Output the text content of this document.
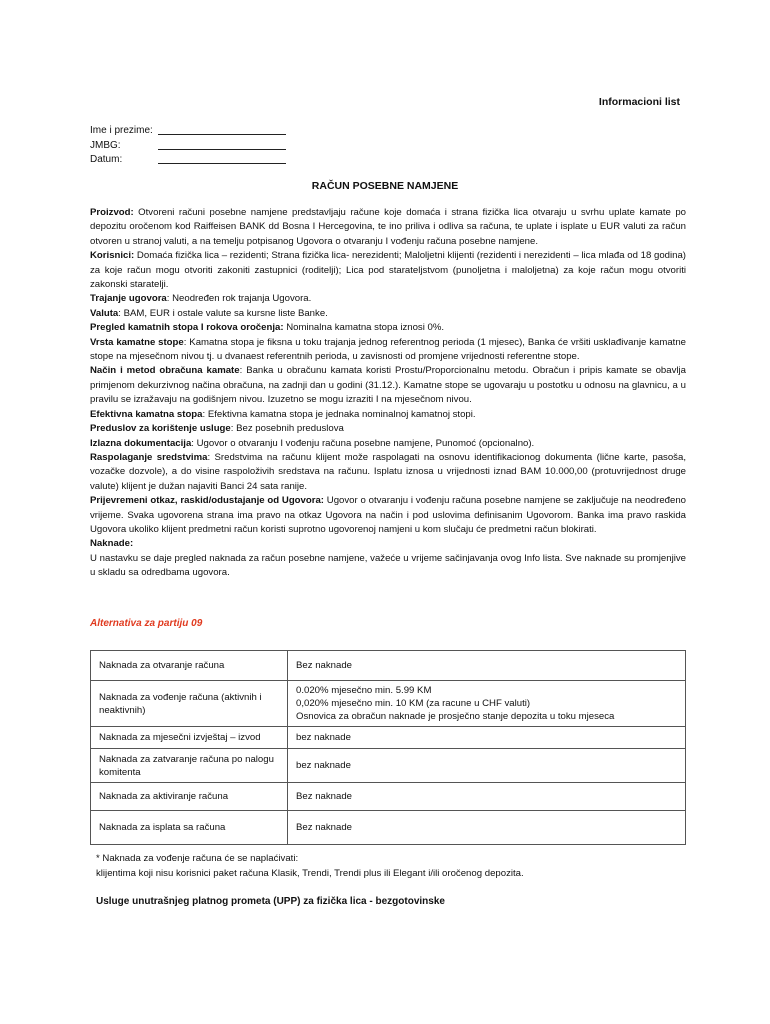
Informacioni list
Ime i prezime:
JMBG:
Datum:
RAČUN POSEBNE NAMJENE

Proizvod: Otvoreni računi posebne namjene predstavljaju račune koje domaća i strana fizička lica otvaraju u svrhu uplate kamate po depozitu oročenom kod Raiffeisen BANK dd Bosna I Hercegovina, te ino priliva i odliva sa računa, te uplate i isplate u EUR valuti za račun otvoren u stranoj valuti, a na temelju potpisanog Ugovora o otvaranju I vođenju računa posebne namjene.

Korisnici: Domaća fizička lica – rezidenti; Strana fizička lica- nerezidenti; Maloljetni klijenti (rezidenti i nerezidenti – lica mlađa od 18 godina) za koje račun mogu otvoriti zakoniti zastupnici (roditelji); Lica pod starateljstvom (punoljetna i maloljetna) za koje račun mogu otvoriti zakonski staratelji.

Trajanje ugovora: Neodređen rok trajanja Ugovora.

Valuta: BAM, EUR i ostale valute sa kursne liste Banke.

Pregled kamatnih stopa I rokova oročenja: Nominalna kamatna stopa iznosi 0%.

Vrsta kamatne stope: Kamatna stopa je fiksna u toku trajanja jednog referentnog perioda (1 mjesec), Banka će vršiti usklađivanje kamatne stope na mjesečnom nivou tj. u dvanaest referentnih perioda, u zavisnosti od promjene vrijednosti referentne stope.

Način i metod obračuna kamate: Banka u obračunu kamata koristi Prostu/Proporcionalnu metodu. Obračun i pripis kamate se obavlja primjenom dekurzivnog načina obračuna, na zadnji dan u godini (31.12.). Kamatne stope se ugovaraju u postotku u odnosu na glavnicu, a u pravilu se izražavaju na godišnjem nivou. Izuzetno se mogu izraziti I na mjesečnom nivou.

Efektivna kamatna stopa: Efektivna kamatna stopa je jednaka nominalnoj kamatnoj stopi.

Preduslov za korištenje usluge: Bez posebnih preduslova

Izlazna dokumentacija: Ugovor o otvaranju I vođenju računa posebne namjene, Punomoć (opcionalno).

Raspolaganje sredstvima: Sredstvima na računu klijent može raspolagati na osnovu identifikacionog dokumenta (lične karte, pasoša, vozačke dozvole), a do visine raspoloživih sredstava na računu. Isplatu iznosa u vrijednosti iznad BAM 10.000,00 (protuvrijednost druge valute) klijent je dužan najaviti Banci 24 sata ranije.

Prijevremeni otkaz, raskid/odustajanje od Ugovora: Ugovor o otvaranju i vođenju računa posebne namjene se zaključuje na neodređeno vrijeme. Svaka ugovorena strana ima pravo na otkaz Ugovora na način i pod uslovima definisanim Ugovorom. Banka ima pravo raskida Ugovora ukoliko klijent predmetni račun koristi suprotno ugovorenoj namjeni u kom slučaju će predmetni račun blokirati.

Naknade:

U nastavku se daje pregled naknada za račun posebne namjene, važeće u vrijeme sačinjavanja ovog Info lista. Sve naknade su promjenjive u skladu sa odredbama ugovora.

Alternativa za partiju 09
Naknada za otvaranje računa	Bez naknade

Naknada za vođenje računa (aktivnih i neaktivnih)	0.020% mjesečno min. 5.99 KM
0,020% mjesečno min. 10 KM (za racune u CHF valuti)
Osnovica za obračun naknade je prosječno stanje depozita u toku mjeseca

Naknada za mjesečni izvještaj – izvod	bez naknade

Naknada za zatvaranje računa po nalogu komitenta	bez naknade

Naknada za aktiviranje računa	Bez naknade

Naknada za isplata sa računa	Bez naknade
* Naknada za vođenje računa će se naplaćivati:
klijentima koji nisu korisnici paket računa Klasik, Trendi, Trendi plus ili Elegant i/ili oročenog depozita.
Usluge unutrašnjeg platnog prometa (UPP) za fizička lica - bezgotovinske
